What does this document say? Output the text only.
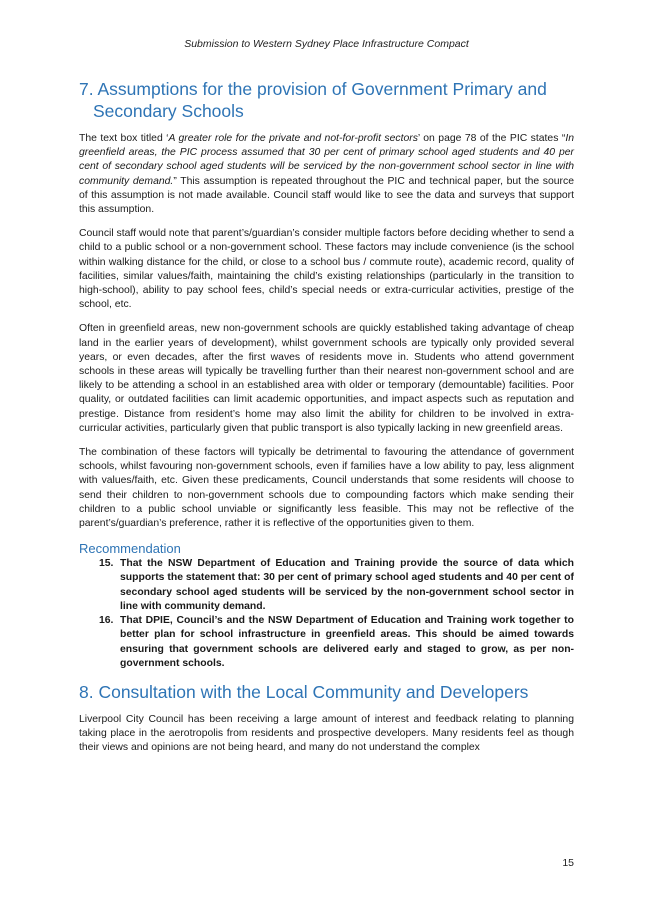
Submission to Western Sydney Place Infrastructure Compact
7. Assumptions for the provision of Government Primary and Secondary Schools

The text box titled ‘A greater role for the private and not-for-profit sectors’ on page 78 of the PIC states “In greenfield areas, the PIC process assumed that 30 per cent of primary school aged students and 40 per cent of secondary school aged students will be serviced by the non-government school sector in line with community demand.” This assumption is repeated throughout the PIC and technical paper, but the source of this assumption is not made available. Council staff would like to see the data and surveys that support this assumption.

Council staff would note that parent’s/guardian’s consider multiple factors before deciding whether to send a child to a public school or a non-government school. These factors may include convenience (is the school within walking distance for the child, or close to a school bus / commute route), academic record, quality of facilities, similar values/faith, maintaining the child’s existing relationships (particularly in the transition to high-school), ability to pay school fees, child’s special needs or extra-curricular activities, prestige of the school, etc.

Often in greenfield areas, new non-government schools are quickly established taking advantage of cheap land in the earlier years of development), whilst government schools are typically only provided several years, or even decades, after the first waves of residents move in. Students who attend government schools in these areas will typically be travelling further than their nearest non-government school and are likely to be attending a school in an established area with older or temporary (demountable) facilities. Poor quality, or outdated facilities can limit academic opportunities, and impact aspects such as reputation and prestige. Distance from resident’s home may also limit the ability for children to be involved in extra-curricular activities, particularly given that public transport is also typically lacking in new greenfield areas.

The combination of these factors will typically be detrimental to favouring the attendance of government schools, whilst favouring non-government schools, even if families have a low ability to pay, less alignment with values/faith, etc. Given these predicaments, Council understands that some residents will choose to send their children to non-government schools due to compounding factors which make sending their children to a public school unviable or significantly less feasible. This may not be reflective of the parent’s/guardian’s preference, rather it is reflective of the opportunities given to them.

Recommendation
15. That the NSW Department of Education and Training provide the source of data which supports the statement that: 30 per cent of primary school aged students and 40 per cent of secondary school aged students will be serviced by the non-government school sector in line with community demand.
16. That DPIE, Council’s and the NSW Department of Education and Training work together to better plan for school infrastructure in greenfield areas. This should be aimed towards ensuring that government schools are delivered early and staged to grow, as per non-government schools.
8. Consultation with the Local Community and Developers

Liverpool City Council has been receiving a large amount of interest and feedback relating to planning taking place in the aerotropolis from residents and prospective developers. Many residents feel as though their views and opinions are not being heard, and many do not understand the complex

15
